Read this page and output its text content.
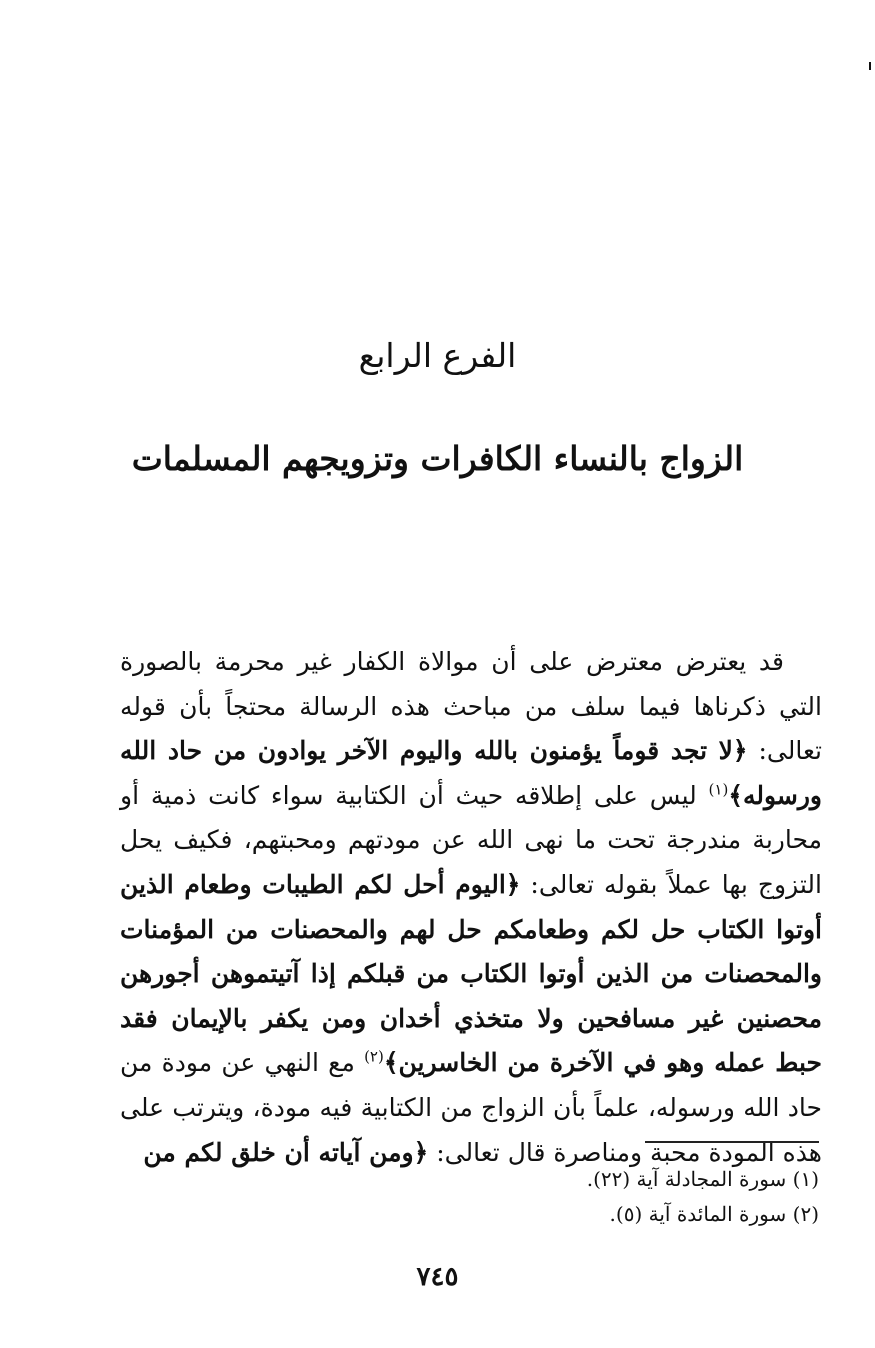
الفرع الرابع
الزواج بالنساء الكافرات وتزويجهم المسلمات

قد يعترض معترض على أن موالاة الكفار غير محرمة بالصورة التي ذكرناها فيما سلف من مباحث هذه الرسالة محتجاً بأن قوله تعالى: ﴿لا تجد قوماً يؤمنون بالله واليوم الآخر يوادون من حاد الله ورسوله﴾$^{(١)}$ ليس على إطلاقه حيث أن الكتابية سواء كانت ذمية أو محاربة مندرجة تحت ما نهى الله عن مودتهم ومحبتهم، فكيف يحل التزوج بها عملاً بقوله تعالى: ﴿اليوم أحل لكم الطيبات وطعام الذين أوتوا الكتاب حل لكم وطعامكم حل لهم والمحصنات من المؤمنات والمحصنات من الذين أوتوا الكتاب من قبلكم إذا آتيتموهن أجورهن محصنين غير مسافحين ولا متخذي أخدان ومن يكفر بالإيمان فقد حبط عمله وهو في الآخرة من الخاسرين﴾$^{(٢)}$ مع النهي عن مودة من حاد الله ورسوله، علماً بأن الزواج من الكتابية فيه مودة، ويترتب على هذه المودة محبة ومناصرة قال تعالى: ﴿ومن آياته أن خلق لكم من

(١) سورة المجادلة آية (٢٢).
(٢) سورة المائدة آية (٥).

٧٤٥
